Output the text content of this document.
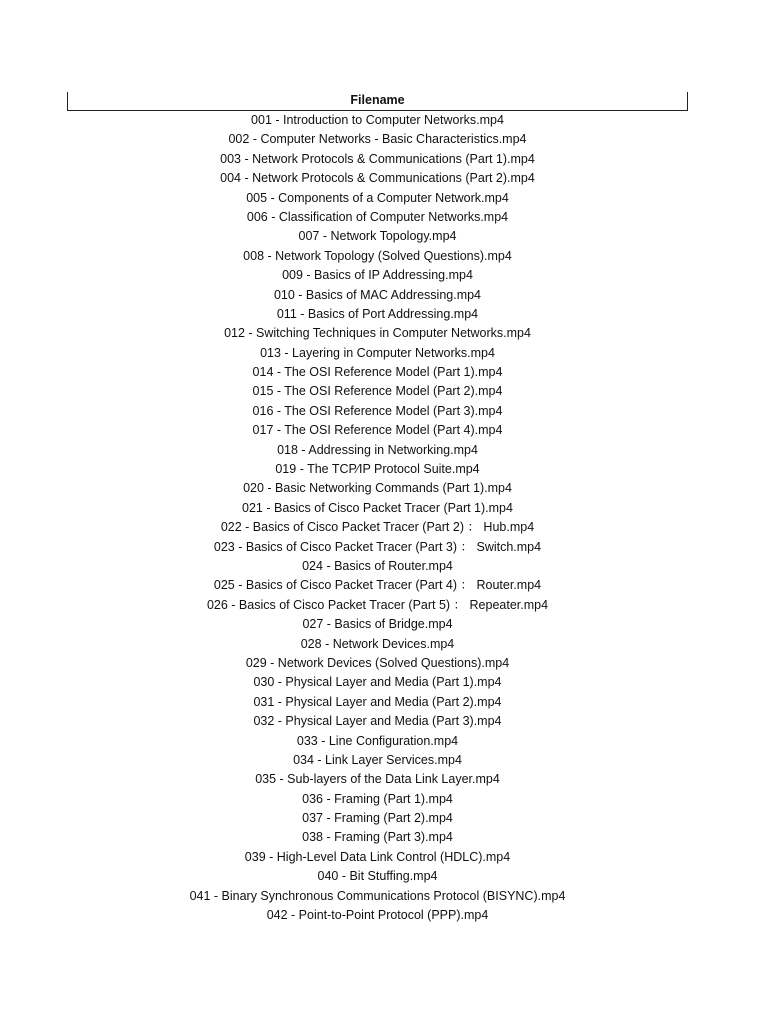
Filename
001 - Introduction to Computer Networks.mp4
002 - Computer Networks - Basic Characteristics.mp4
003 - Network Protocols & Communications (Part 1).mp4
004 - Network Protocols & Communications (Part 2).mp4
005 - Components of a Computer Network.mp4
006 - Classification of Computer Networks.mp4
007 - Network Topology.mp4
008 - Network Topology (Solved Questions).mp4
009 - Basics of IP Addressing.mp4
010 - Basics of MAC Addressing.mp4
011 - Basics of Port Addressing.mp4
012 - Switching Techniques in Computer Networks.mp4
013 - Layering in Computer Networks.mp4
014 - The OSI Reference Model (Part 1).mp4
015 - The OSI Reference Model (Part 2).mp4
016 - The OSI Reference Model (Part 3).mp4
017 - The OSI Reference Model (Part 4).mp4
018 - Addressing in Networking.mp4
019 - The TCP⁄IP Protocol Suite.mp4
020 - Basic Networking Commands (Part 1).mp4
021 - Basics of Cisco Packet Tracer (Part 1).mp4
022 - Basics of Cisco Packet Tracer (Part 2) ： Hub.mp4
023 - Basics of Cisco Packet Tracer (Part 3) ： Switch.mp4
024 - Basics of Router.mp4
025 - Basics of Cisco Packet Tracer (Part 4) ： Router.mp4
026 - Basics of Cisco Packet Tracer (Part 5) ： Repeater.mp4
027 - Basics of Bridge.mp4
028 - Network Devices.mp4
029 - Network Devices (Solved Questions).mp4
030 - Physical Layer and Media (Part 1).mp4
031 - Physical Layer and Media (Part 2).mp4
032 - Physical Layer and Media (Part 3).mp4
033 - Line Configuration.mp4
034 - Link Layer Services.mp4
035 - Sub-layers of the Data Link Layer.mp4
036 - Framing (Part 1).mp4
037 - Framing (Part 2).mp4
038 - Framing (Part 3).mp4
039 - High-Level Data Link Control (HDLC).mp4
040 - Bit Stuffing.mp4
041 - Binary Synchronous Communications Protocol (BISYNC).mp4
042 - Point-to-Point Protocol (PPP).mp4
